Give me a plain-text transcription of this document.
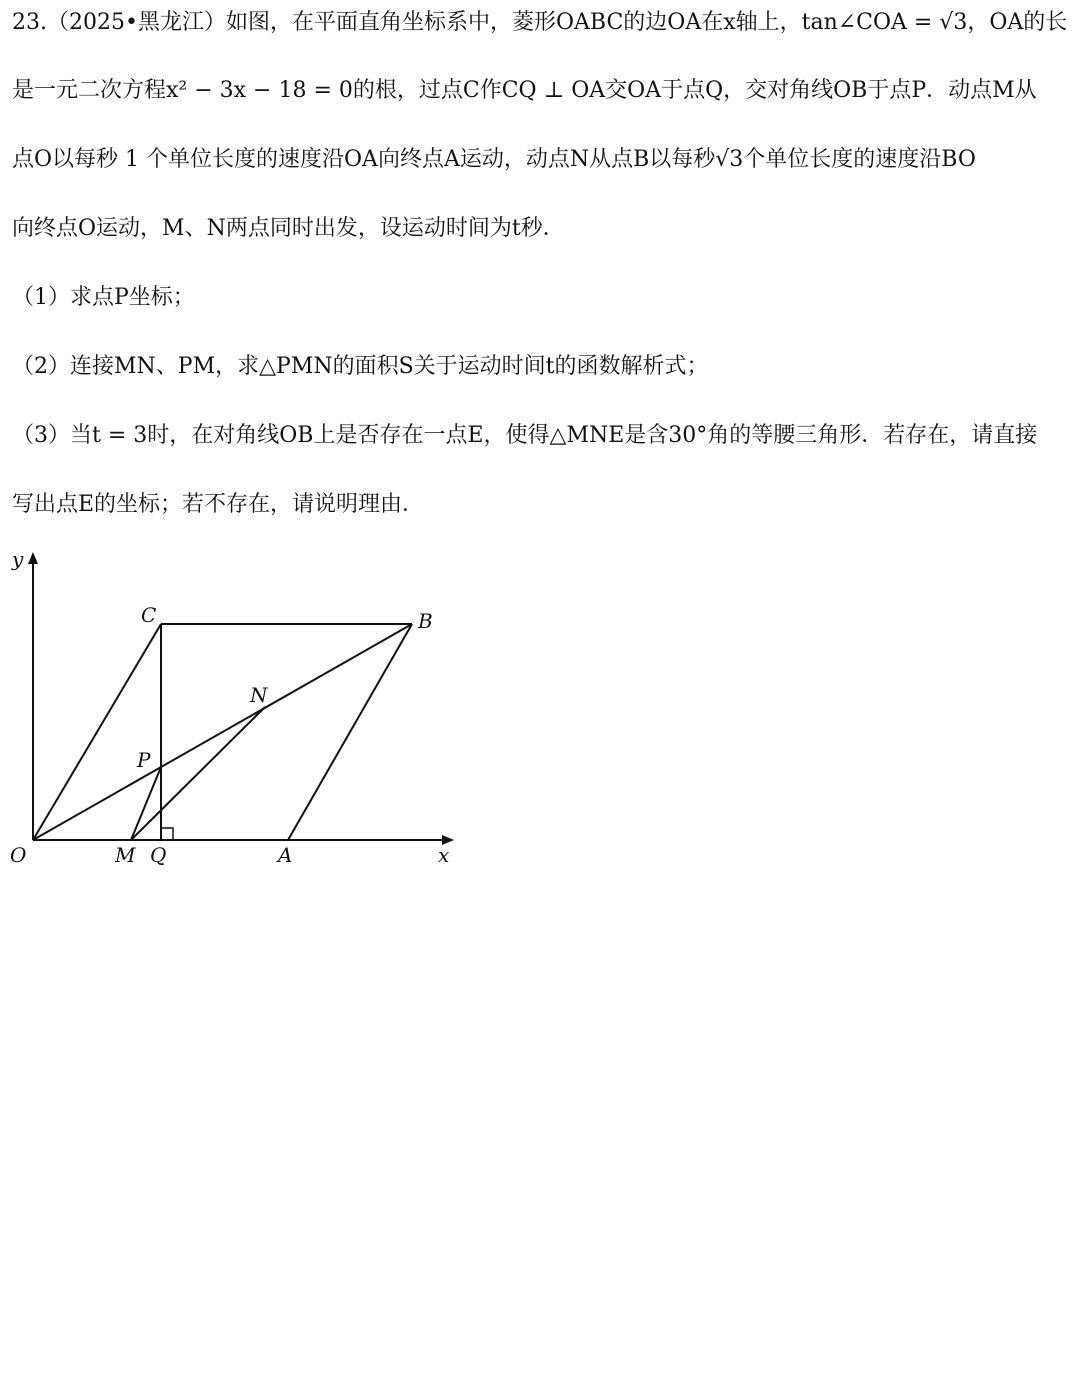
23.（2025•黑龙江）如图，在平面直角坐标系中，菱形OABC的边OA在x轴上，tan∠COA = √3，OA的长
是一元二次方程x² − 3x − 18 = 0的根，过点C作CQ ⊥ OA交OA于点Q，交对角线OB于点P．动点M从
点O以每秒 1 个单位长度的速度沿OA向终点A运动，动点N从点B以每秒√3个单位长度的速度沿BO
向终点O运动，M、N两点同时出发，设运动时间为t秒．
（1）求点P坐标；
（2）连接MN、PM，求△PMN的面积S关于运动时间t的函数解析式；
（3）当t = 3时，在对角线OB上是否存在一点E，使得△MNE是含30°角的等腰三角形．若存在，请直接
写出点E的坐标；若不存在，请说明理由．
y
x
O
C	B
N
P
M Q	A
